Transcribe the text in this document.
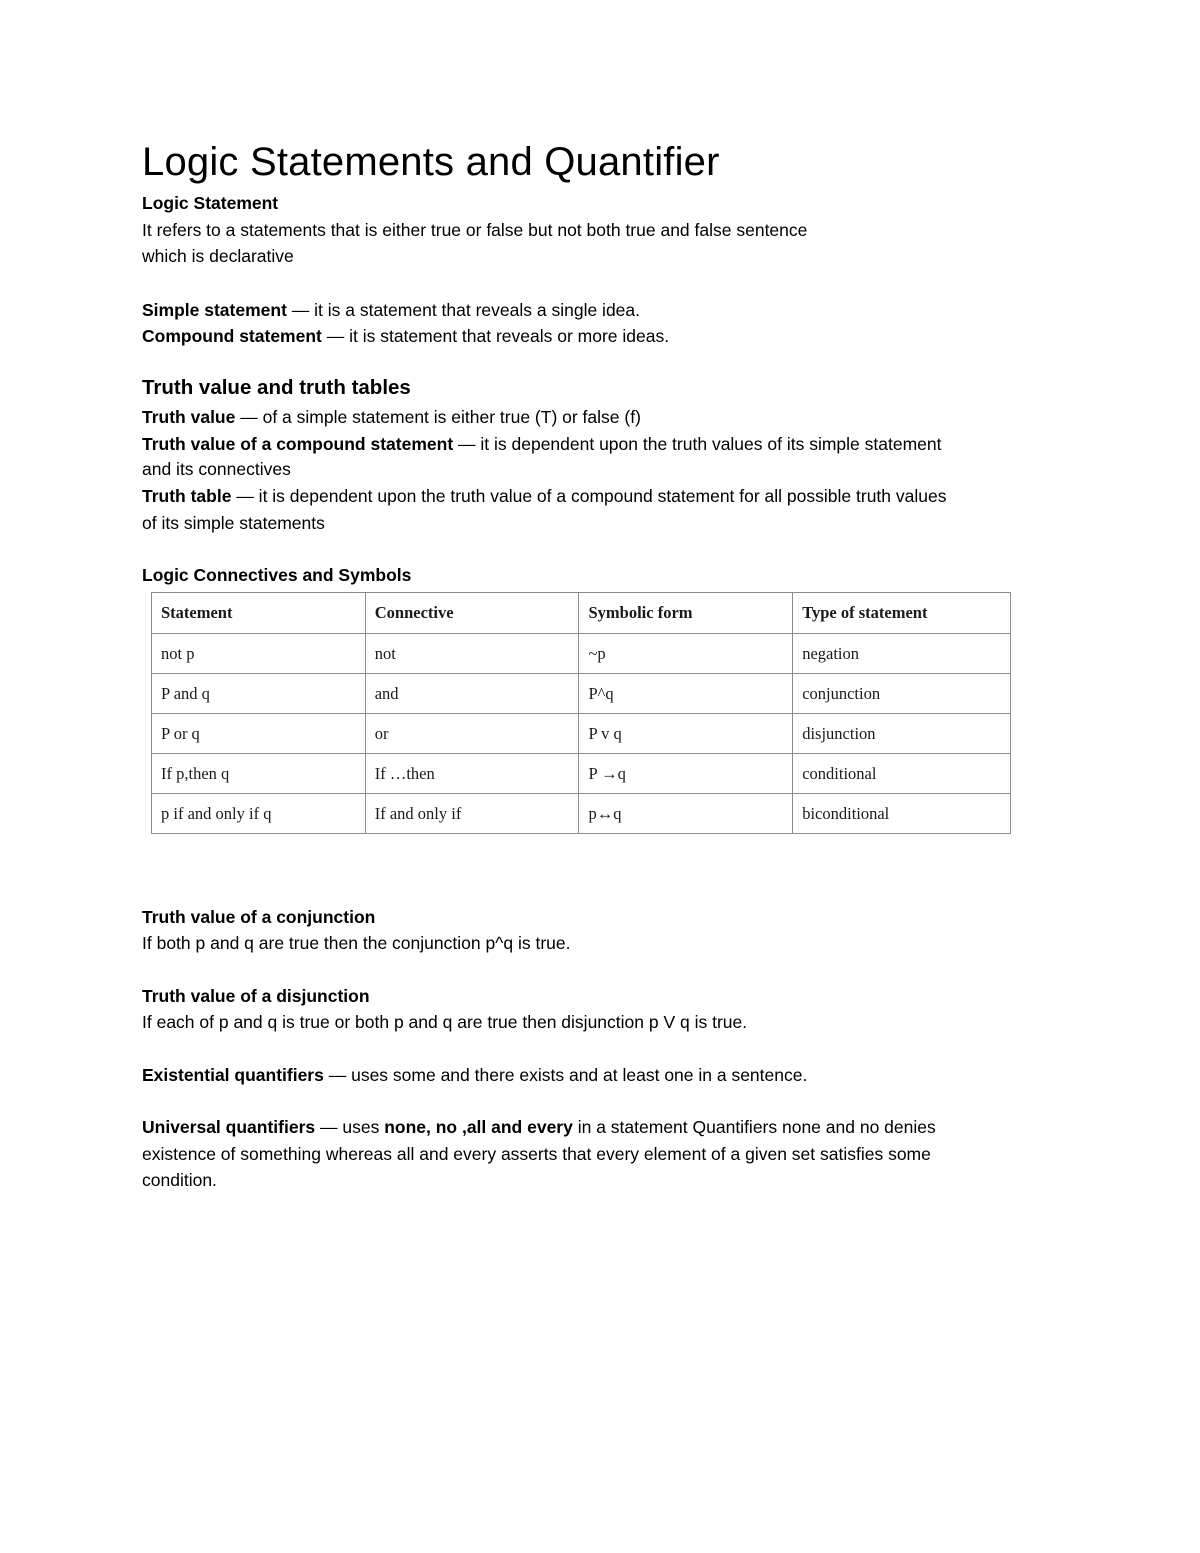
Logic Statements and Quantifier

Logic Statement

It refers to a statements that is either true or false but not both true and false sentence

which is declarative

Simple statement — it is a statement that reveals a single idea.

Compound statement — it is statement that reveals or more ideas.

Truth value and truth tables

Truth value — of a simple statement is either true (T) or false (f)

Truth value of a compound statement — it is dependent upon the truth values of its simple statement

and its connectives

Truth table — it is dependent upon the truth value of a compound statement for all possible truth values

of its simple statements

Logic Connectives and Symbols

Statement	Connective	Symbolic form	Type of statement
not p	not	~p	negation
P and q	and	P^q	conjunction
P or q	or	P v q	disjunction
If p,then q	If …then	P →q	conditional
p if and only if q	If and only if	p↔q	biconditional

Truth value of a conjunction

If both p and q are true then the conjunction p^q is true.

Truth value of a disjunction

If each of p and q is true or both p and q are true then disjunction p V q is true.

Existential quantifiers — uses some and there exists and at least one in a sentence.

Universal quantifiers — uses none, no ,all and every in a statement Quantifiers none and no denies

existence of something whereas all and every asserts that every element of a given set satisfies some

condition.
